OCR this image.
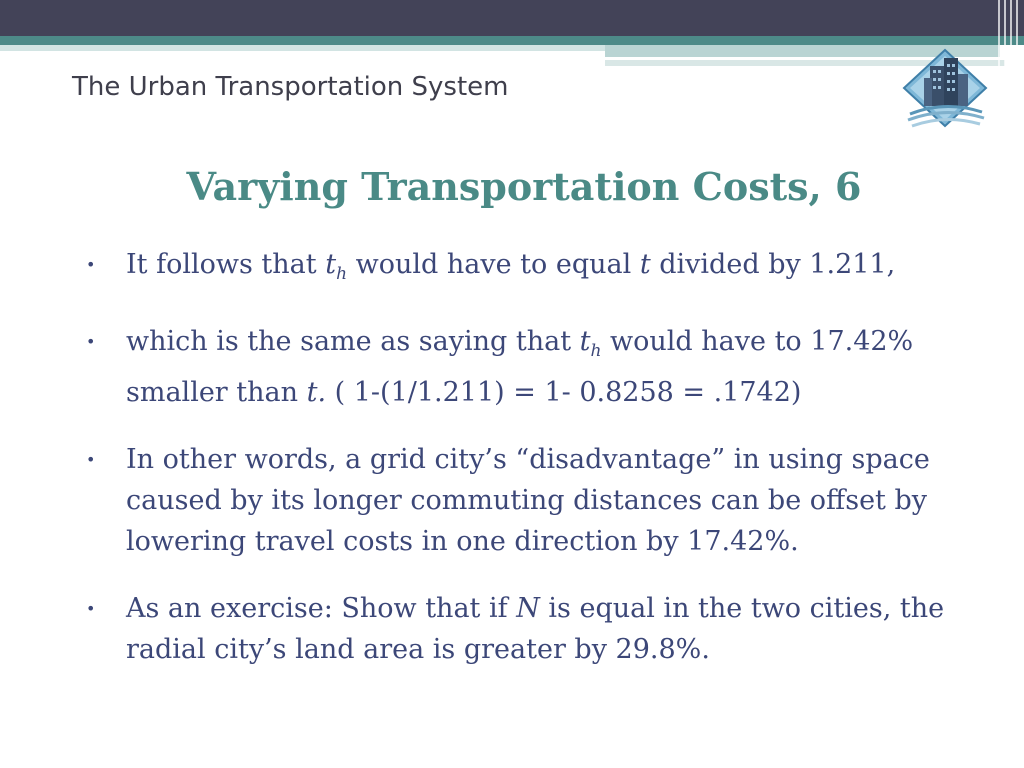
The Urban Transportation System
Varying Transportation Costs, 6
• It follows that $t_h$ would have to equal t divided by 1.211,
• which is the same as saying that $t_h$ would have to 17.42% smaller than t. ( 1-(1/1.211) = 1- 0.8258 = .1742)
• In other words, a grid city’s “disadvantage” in using space caused by its longer commuting distances can be offset by lowering travel costs in one direction by 17.42%.
• As an exercise: Show that if N is equal in the two cities, the radial city’s land area is greater by 29.8%.
